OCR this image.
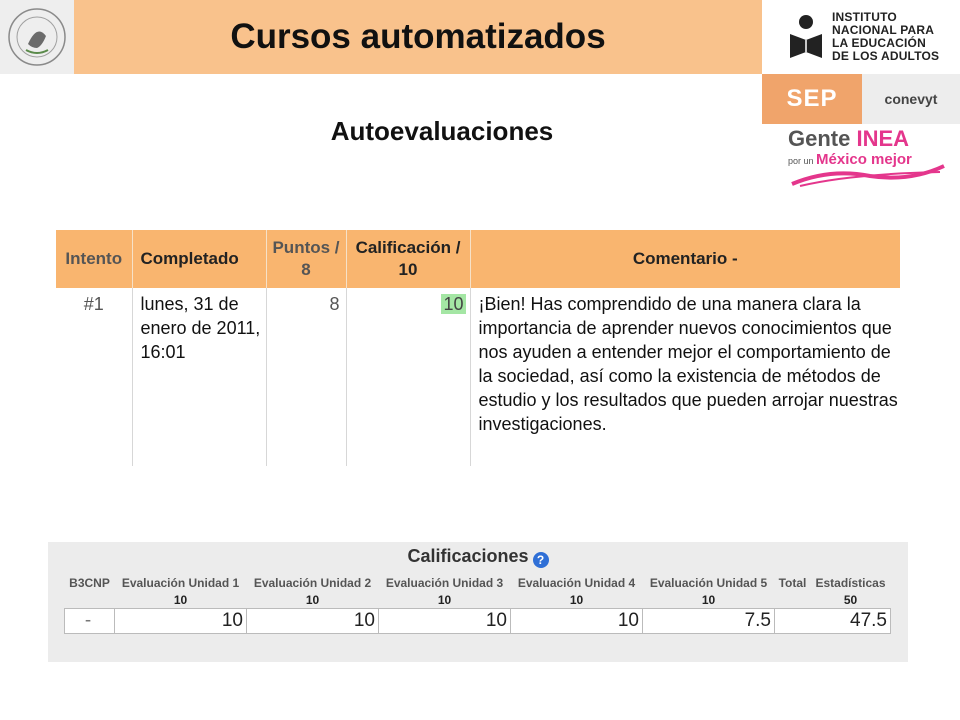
Cursos automatizados	INSTITUTO NACIONAL PARA LA EDUCACIÓN DE LOS ADULTOS
SEP	conevyt
Gente INEA
por un México mejor
Autoevaluaciones
Intento	Completado	Puntos / 8	Calificación / 10	Comentario -
#1	lunes, 31 de enero de 2011, 16:01	8	10	¡Bien! Has comprendido de una manera clara la importancia de aprender nuevos conocimientos que nos ayuden a entender mejor el comportamiento de la sociedad, así como la existencia de métodos de estudio y los resultados que pueden arrojar nuestras investigaciones.
Calificaciones ?
B3CNP	Evaluación Unidad 1	Evaluación Unidad 2	Evaluación Unidad 3	Evaluación Unidad 4	Evaluación Unidad 5	Total	Estadísticas
	10	10	10	10	10		50
-	10	10	10	10	7.5	47.5	
